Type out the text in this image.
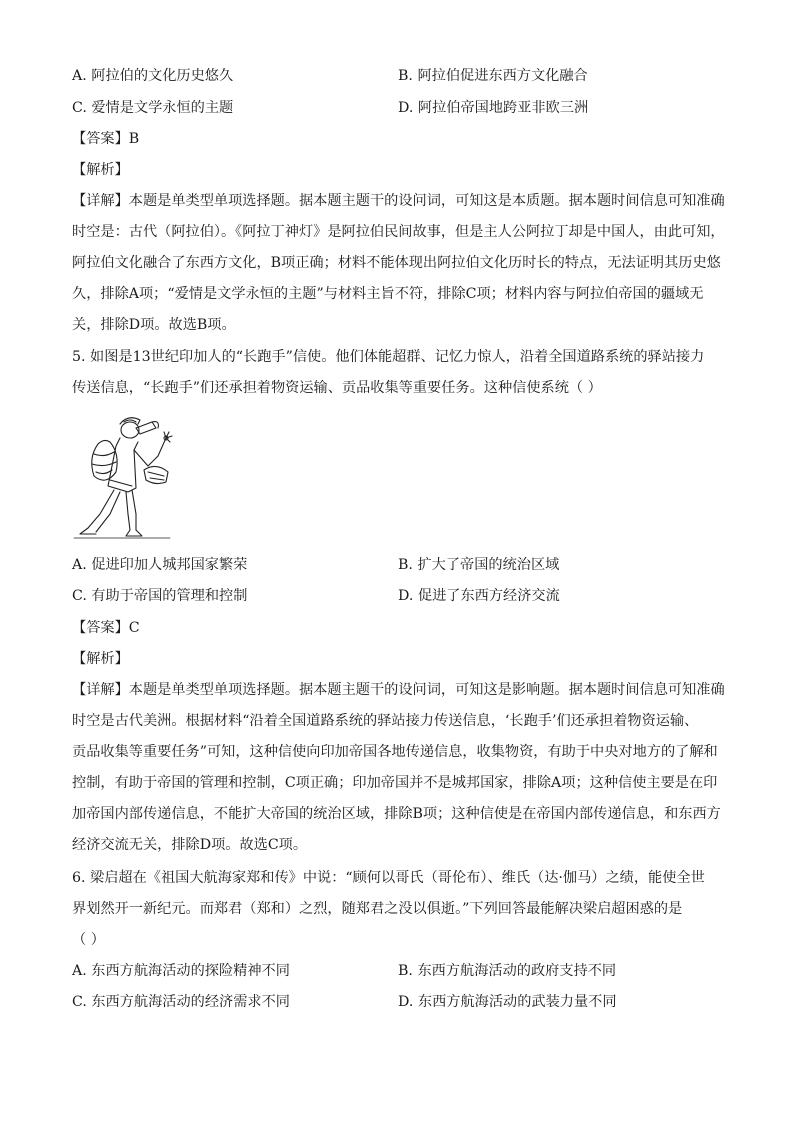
A. 阿拉伯的文化历史悠久	B. 阿拉伯促进东西方文化融合
C. 爱情是文学永恒的主题	D. 阿拉伯帝国地跨亚非欧三洲
【答案】B
【解析】
【详解】本题是单类型单项选择题。据本题主题干的设问词，可知这是本质题。据本题时间信息可知准确
时空是：古代（阿拉伯）。《阿拉丁神灯》是阿拉伯民间故事，但是主人公阿拉丁却是中国人，由此可知，
阿拉伯文化融合了东西方文化，B项正确；材料不能体现出阿拉伯文化历时长的特点，无法证明其历史悠
久，排除A项；“爱情是文学永恒的主题”与材料主旨不符，排除C项；材料内容与阿拉伯帝国的疆域无
关，排除D项。故选B项。
5. 如图是13世纪印加人的“长跑手”信使。他们体能超群、记忆力惊人，沿着全国道路系统的驿站接力
传送信息，“长跑手”们还承担着物资运输、贡品收集等重要任务。这种信使系统（ ）
A. 促进印加人城邦国家繁荣	B. 扩大了帝国的统治区域
C. 有助于帝国的管理和控制	D. 促进了东西方经济交流
【答案】C
【解析】
【详解】本题是单类型单项选择题。据本题主题干的设问词，可知这是影响题。据本题时间信息可知准确
时空是古代美洲。根据材料“沿着全国道路系统的驿站接力传送信息，‘长跑手’们还承担着物资运输、
贡品收集等重要任务”可知，这种信使向印加帝国各地传递信息，收集物资，有助于中央对地方的了解和
控制，有助于帝国的管理和控制，C项正确；印加帝国并不是城邦国家，排除A项；这种信使主要是在印
加帝国内部传递信息，不能扩大帝国的统治区域，排除B项；这种信使是在帝国内部传递信息，和东西方
经济交流无关，排除D项。故选C项。
6. 梁启超在《祖国大航海家郑和传》中说：“顾何以哥氏（哥伦布）、维氏（达·伽马）之绩，能使全世
界划然开一新纪元。而郑君（郑和）之烈，随郑君之没以俱逝。”下列回答最能解决梁启超困惑的是
（ ）
A. 东西方航海活动的探险精神不同	B. 东西方航海活动的政府支持不同
C. 东西方航海活动的经济需求不同	D. 东西方航海活动的武装力量不同
